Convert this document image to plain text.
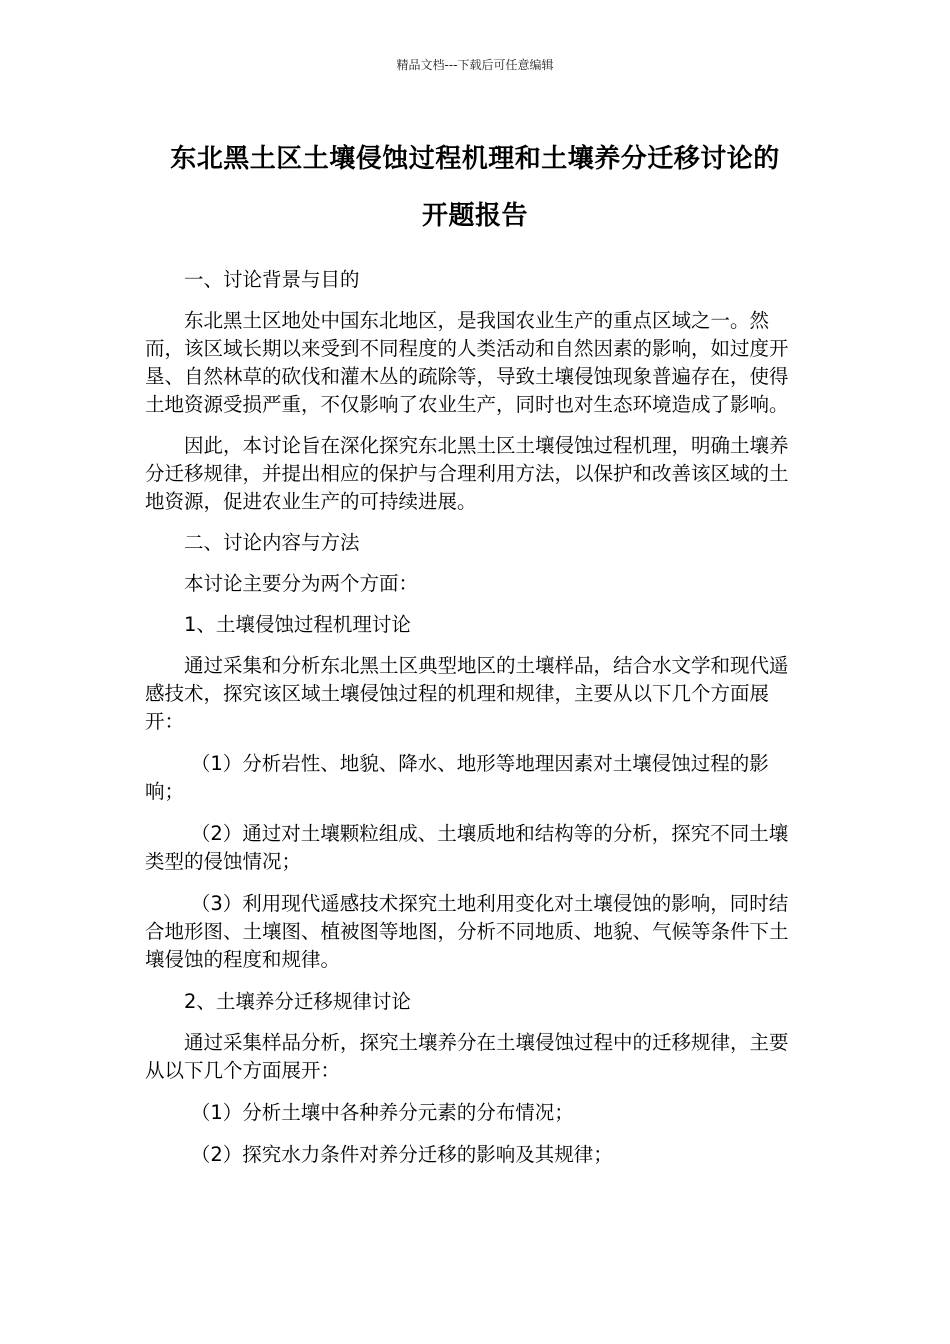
精品文档---下载后可任意编辑
东北黑土区土壤侵蚀过程机理和土壤养分迁移讨论的
开题报告

一、讨论背景与目的

东北黑土区地处中国东北地区，是我国农业生产的重点区域之一。然而，该区域长期以来受到不同程度的人类活动和自然因素的影响，如过度开垦、自然林草的砍伐和灌木丛的疏除等，导致土壤侵蚀现象普遍存在，使得土地资源受损严重，不仅影响了农业生产，同时也对生态环境造成了影响。

因此，本讨论旨在深化探究东北黑土区土壤侵蚀过程机理，明确土壤养分迁移规律，并提出相应的保护与合理利用方法，以保护和改善该区域的土地资源，促进农业生产的可持续进展。

二、讨论内容与方法

本讨论主要分为两个方面：

1、土壤侵蚀过程机理讨论

通过采集和分析东北黑土区典型地区的土壤样品，结合水文学和现代遥感技术，探究该区域土壤侵蚀过程的机理和规律，主要从以下几个方面展开：

（1）分析岩性、地貌、降水、地形等地理因素对土壤侵蚀过程的影响；

（2）通过对土壤颗粒组成、土壤质地和结构等的分析，探究不同土壤类型的侵蚀情况；

（3）利用现代遥感技术探究土地利用变化对土壤侵蚀的影响，同时结合地形图、土壤图、植被图等地图，分析不同地质、地貌、气候等条件下土壤侵蚀的程度和规律。

2、土壤养分迁移规律讨论

通过采集样品分析，探究土壤养分在土壤侵蚀过程中的迁移规律，主要从以下几个方面展开：

（1）分析土壤中各种养分元素的分布情况；

（2）探究水力条件对养分迁移的影响及其规律；
